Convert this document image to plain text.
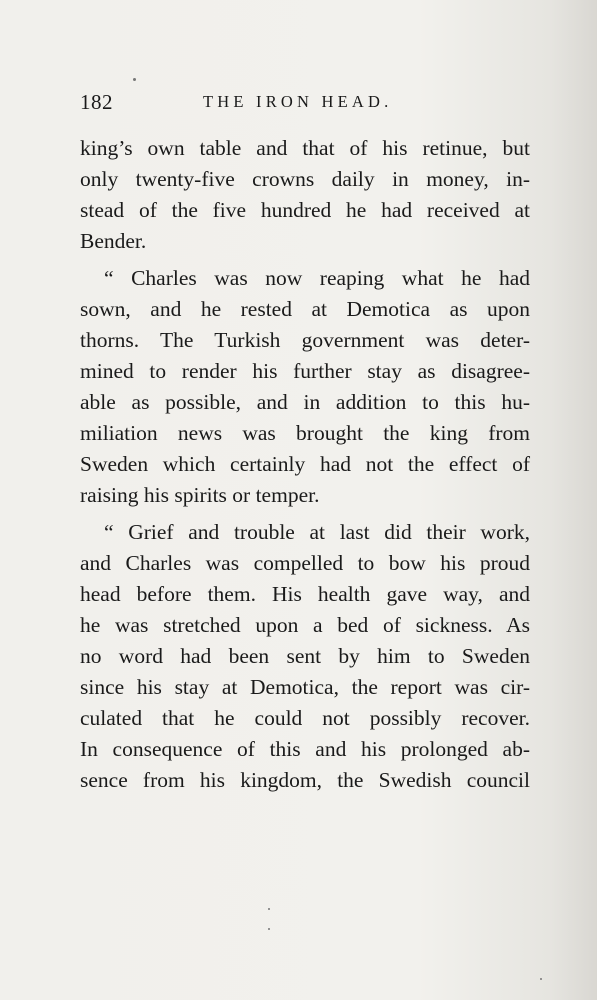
182	THE IRON HEAD.
king’s own table and that of his retinue, but
only twenty-five crowns daily in money, in-
stead of the five hundred he had received at
Bender.
“ Charles was now reaping what he had
sown, and he rested at Demotica as upon
thorns. The Turkish government was deter-
mined to render his further stay as disagree-
able as possible, and in addition to this hu-
miliation news was brought the king from
Sweden which certainly had not the effect of
raising his spirits or temper.
“ Grief and trouble at last did their work,
and Charles was compelled to bow his proud
head before them. His health gave way, and
he was stretched upon a bed of sickness. As
no word had been sent by him to Sweden
since his stay at Demotica, the report was cir-
culated that he could not possibly recover.
In consequence of this and his prolonged ab-
sence from his kingdom, the Swedish council
